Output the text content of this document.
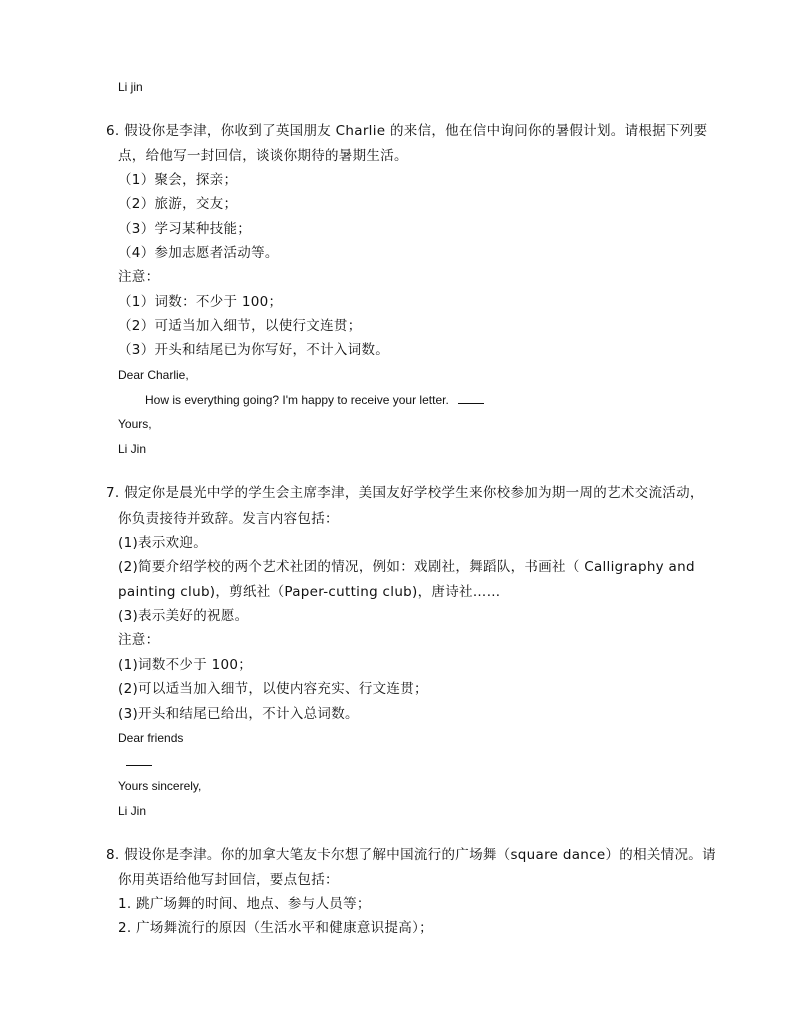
Li jin
6. 假设你是李津，你收到了英国朋友 Charlie 的来信，他在信中询问你的暑假计划。请根据下列要
点，给他写一封回信，谈谈你期待的暑期生活。
（1）聚会，探亲；
（2）旅游，交友；
（3）学习某种技能；
（4）参加志愿者活动等。
注意：
（1）词数：不少于 100；
（2）可适当加入细节，以使行文连贯；
（3）开头和结尾已为你写好，不计入词数。
Dear Charlie,
How is everything going? I'm happy to receive your letter.
Yours,
Li Jin
7. 假定你是晨光中学的学生会主席李津，美国友好学校学生来你校参加为期一周的艺术交流活动，
你负责接待并致辞。发言内容包括：
(1)表示欢迎。
(2)简要介绍学校的两个艺术社团的情况，例如：戏剧社，舞蹈队，书画社（ Calligraphy and
painting club)，剪纸社（Paper-cutting club)，唐诗社……
(3)表示美好的祝愿。
注意：
(1)词数不少于 100；
(2)可以适当加入细节，以使内容充实、行文连贯；
(3)开头和结尾已给出，不计入总词数。
Dear friends
Yours sincerely,
Li Jin
8. 假设你是李津。你的加拿大笔友卡尔想了解中国流行的广场舞（square dance）的相关情况。请
你用英语给他写封回信，要点包括：
1. 跳广场舞的时间、地点、参与人员等；
2. 广场舞流行的原因（生活水平和健康意识提高）；
